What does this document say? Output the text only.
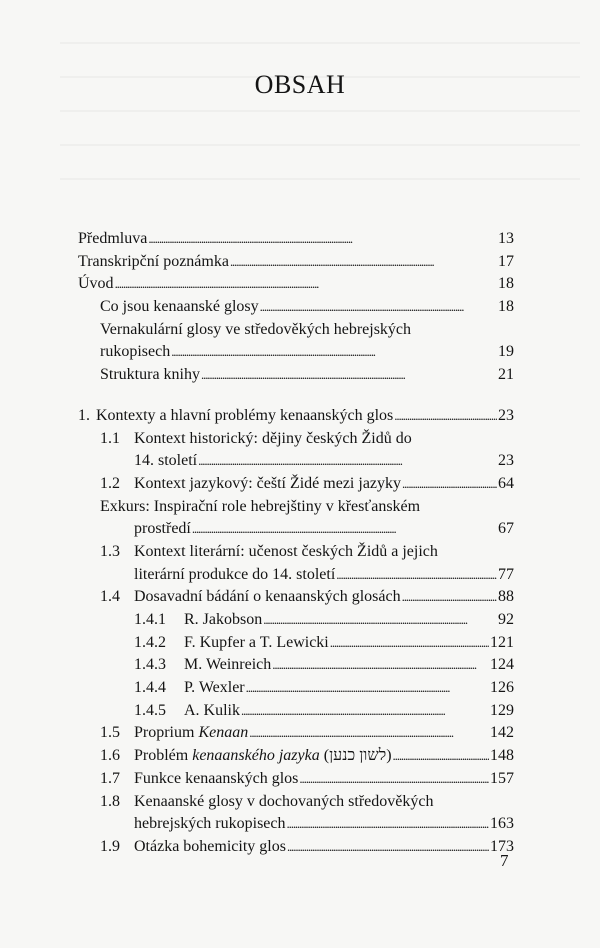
OBSAH
Předmluva . . .	13
Transkripční poznámka . . .	17
Úvod . . .	18
Co jsou kenaanské glosy . . .	18
Vernakulární glosy ve středověkých hebrejských
rukopisech . . .	19
Struktura knihy . . .	21
1. Kontexty a hlavní problémy kenaanských glos . . .	23
1.1 Kontext historický: dějiny českých Židů do
14. století . . .	23
1.2 Kontext jazykový: čeští Židé mezi jazyky . . .	64
Exkurs: Inspirační role hebrejštiny v křesťanském
prostředí . . .	67
1.3 Kontext literární: učenost českých Židů a jejich
literární produkce do 14. století . . .	77
1.4 Dosavadní bádání o kenaanských glosách . . .	88
1.4.1	R. Jakobson . . .	92
1.4.2	F. Kupfer a T. Lewicki . . .	121
1.4.3	M. Weinreich . . .	124
1.4.4	P. Wexler . . .	126
1.4.5	A. Kulik . . .	129
1.5 Proprium Kenaan . . .	142
1.6 Problém kenaanského jazyka (לשון כנען) . . .	148
1.7 Funkce kenaanských glos . . .	157
1.8 Kenaanské glosy v dochovaných středověkých
hebrejských rukopisech . . .	163
1.9 Otázka bohemicity glos . . .	173
7
